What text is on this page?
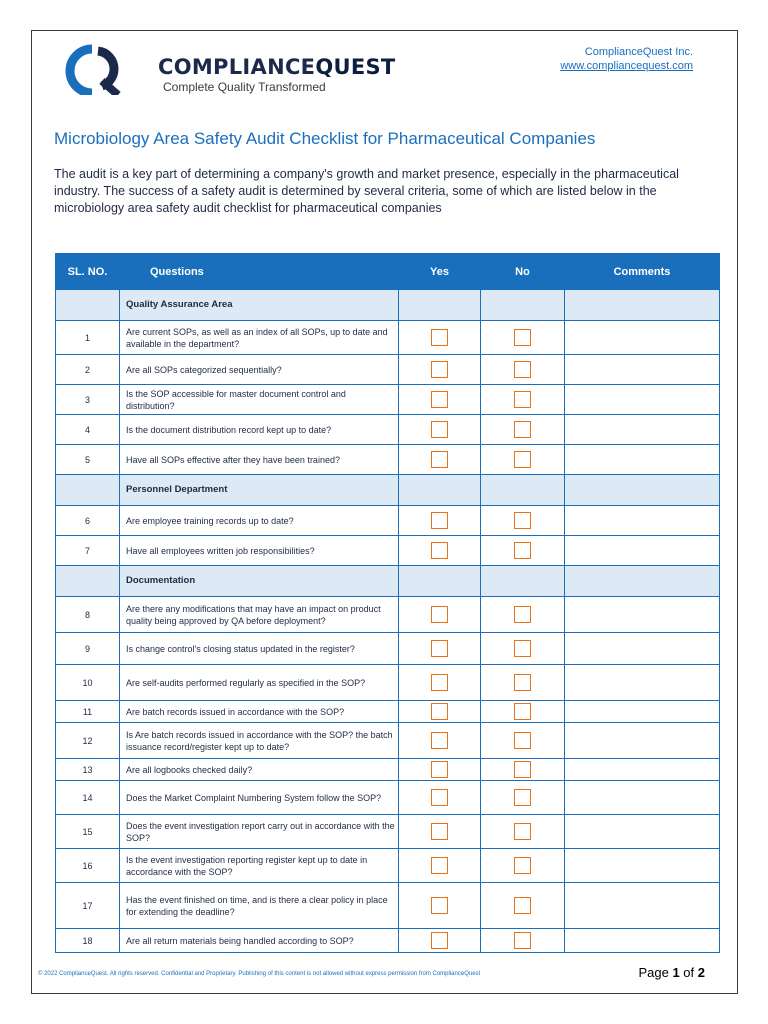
COMPLIANCEQUEST
Complete Quality Transformed
ComplianceQuest Inc.
www.compliancequest.com
Microbiology Area Safety Audit Checklist for Pharmaceutical Companies
The audit is a key part of determining a company's growth and market presence, especially in the pharmaceutical industry. The success of a safety audit is determined by several criteria, some of which are listed below in the microbiology area safety audit checklist for pharmaceutical companies
SL. NO.	Questions	Yes	No	Comments
	Quality Assurance Area			
1	Are current SOPs, as well as an index of all SOPs, up to date and available in the department?			
2	Are all SOPs categorized sequentially?			
3	Is the SOP accessible for master document control and distribution?			
4	Is the document distribution record kept up to date?			
5	Have all SOPs effective after they have been trained?			
	Personnel Department			
6	Are employee training records up to date?			
7	Have all employees written job responsibilities?			
	Documentation			
8	Are there any modifications that may have an impact on product quality being approved by QA before deployment?			
9	Is change control's closing status updated in the register?			
10	Are self-audits performed regularly as specified in the SOP?			
11	Are batch records issued in accordance with the SOP?			
12	Is Are batch records issued in accordance with the SOP? the batch issuance record/register kept up to date?			
13	Are all logbooks checked daily?			
14	Does the Market Complaint Numbering System follow the SOP?			
15	Does the event investigation report carry out in accordance with the SOP?			
16	Is the event investigation reporting register kept up to date in accordance with the SOP?			
17	Has the event finished on time, and is there a clear policy in place for extending the deadline?			
18	Are all return materials being handled according to SOP?			
© 2022 ComplianceQuest. All rights reserved. Confidential and Proprietary. Publishing of this content is not allowed without express permission from ComplianceQuest	Page 1 of 2
